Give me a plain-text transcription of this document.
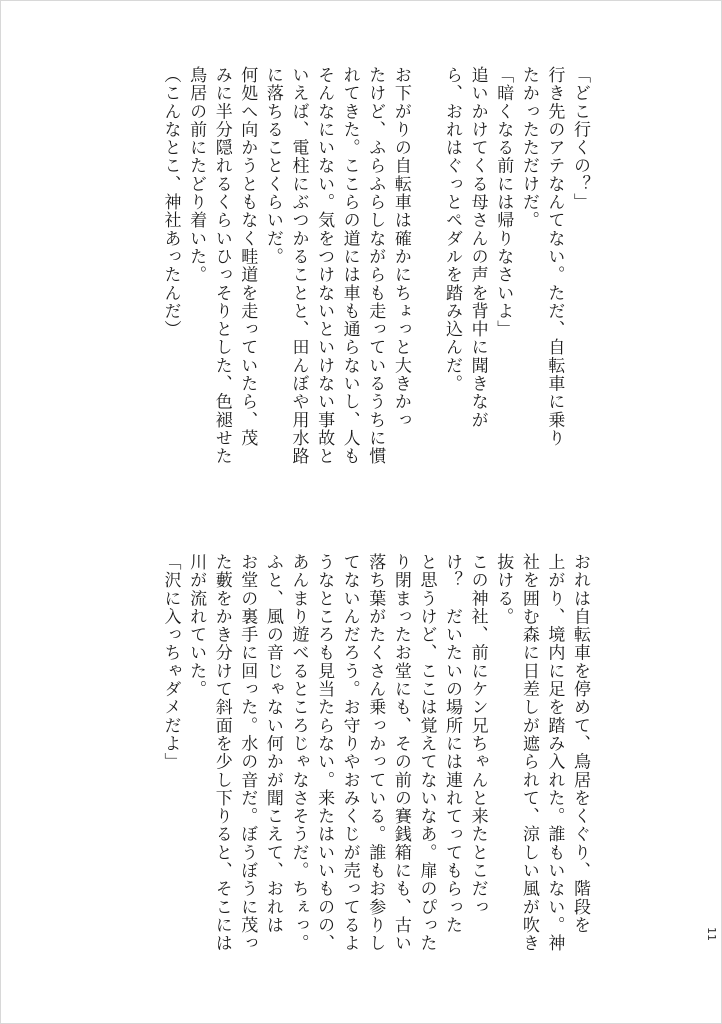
「どこ行くの？」

行き先のアテなんてない。ただ、自転車に乗り

たかったただけだ。

「暗くなる前には帰りなさいよ」

追いかけてくる母さんの声を背中に聞きなが

ら、おれはぐっとペダルを踏み込んだ。

お下がりの自転車は確かにちょっと大きかっ

たけど、ふらふらしながらも走っているうちに慣

れてきた。ここらの道には車も通らないし、人も

そんなにいない。気をつけないといけない事故と

いえば、電柱にぶつかることと、田んぼや用水路

に落ちることくらいだ。

何処へ向かうともなく畦道を走っていたら、茂

みに半分隠れるくらいひっそりとした、色褪せた

鳥居の前にたどり着いた。

（こんなとこ、神社あったんだ）

おれは自転車を停めて、鳥居をくぐり、階段を

上がり、境内に足を踏み入れた。誰もいない。神

社を囲む森に日差しが遮られて、涼しい風が吹き

抜ける。

この神社、前にケン兄ちゃんと来たとこだっ

け？　だいたいの場所には連れてってもらった

と思うけど、ここは覚えてないなあ。扉のぴった

り閉まったお堂にも、その前の賽銭箱にも、古い

落ち葉がたくさん乗っかっている。誰もお参りし

てないんだろう。お守りやおみくじが売ってるよ

うなところも見当たらない。来たはいいものの、

あんまり遊べるところじゃなさそうだ。ちぇっ。

ふと、風の音じゃない何かが聞こえて、おれは

お堂の裏手に回った。水の音だ。ぼうぼうに茂っ

た藪をかき分けて斜面を少し下りると、そこには

川が流れていた。

「沢に入っちゃダメだよ」

11
